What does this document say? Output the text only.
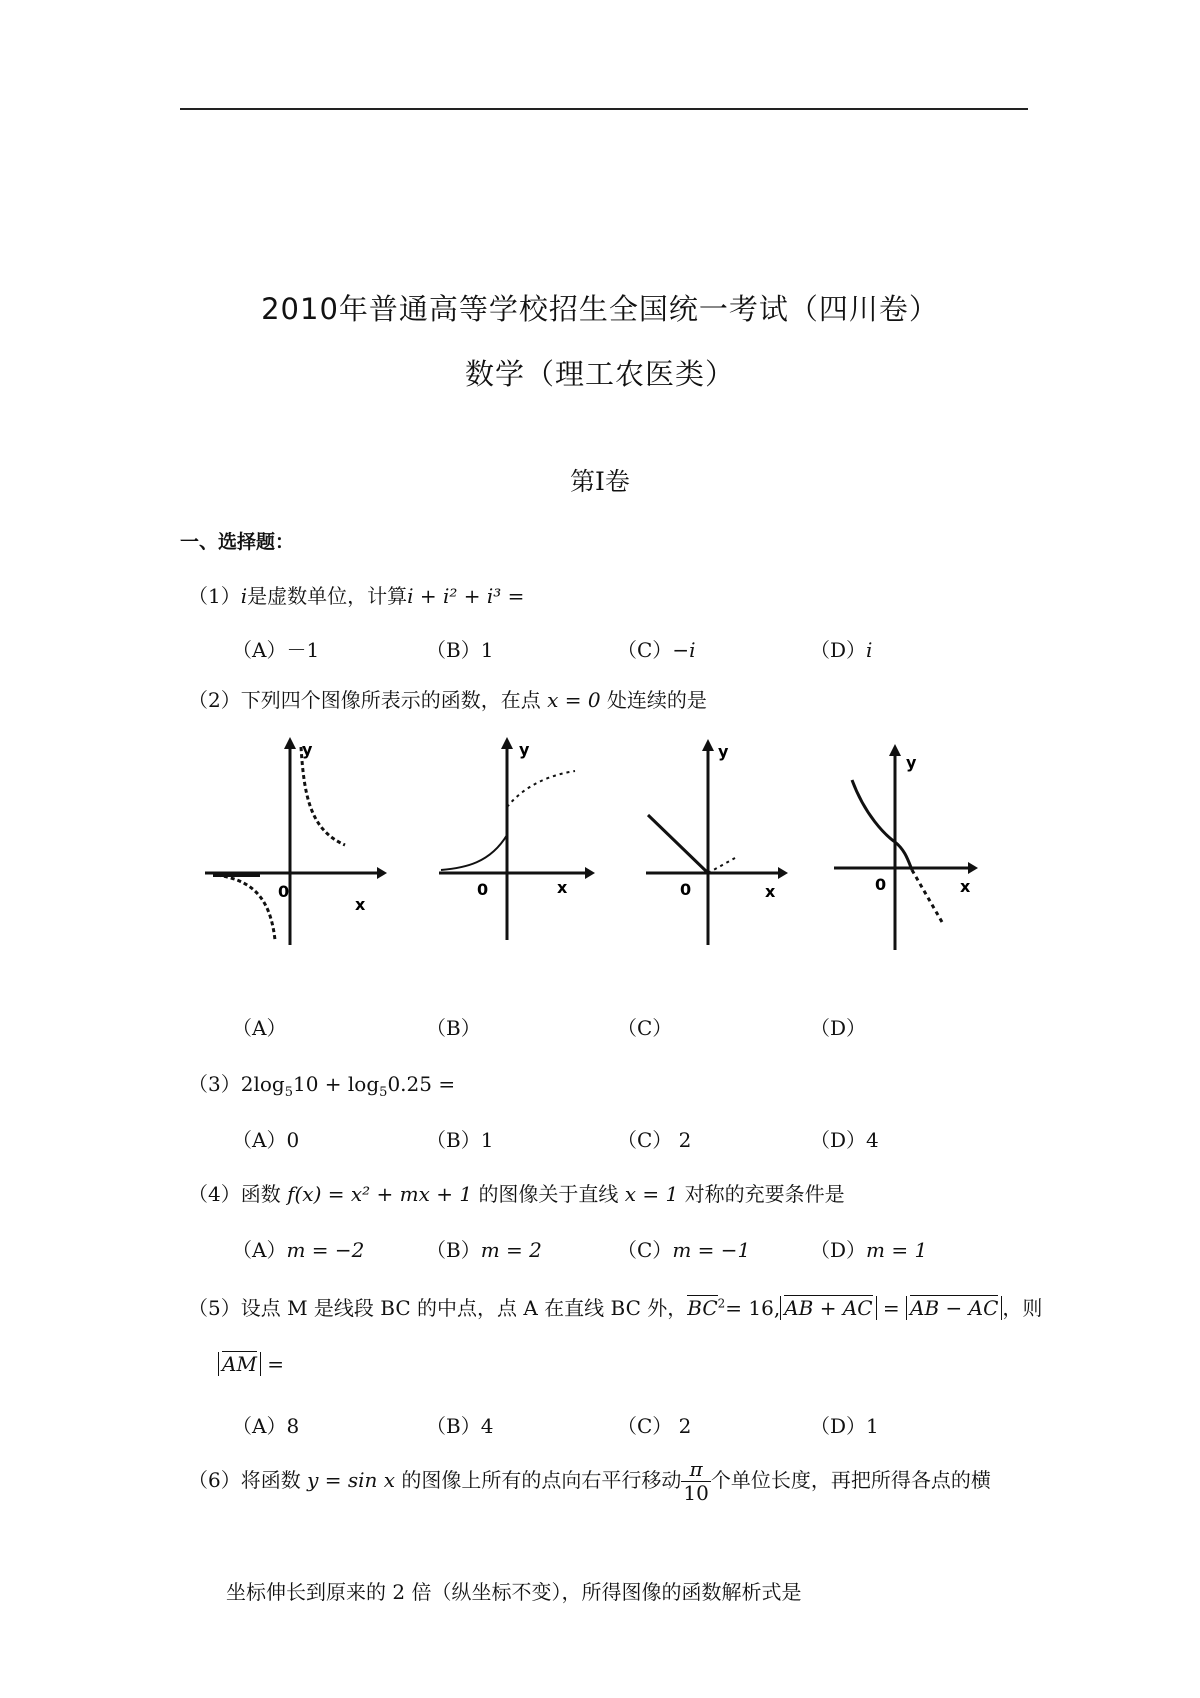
2010年普通高等学校招生全国统一考试（四川卷）
数学（理工农医类）
第Ⅰ卷
一、选择题：
（1）i是虚数单位，计算i + i² + i³ =
（A）－1	（B）1	（C）−i	（D）i
（2）下列四个图像所表示的函数，在点 x = 0 处连续的是
y
0
x
y
0	x
y
0	x
y
0	x
（A）	（B）	（C）	（D）
$(3)2\log_510 + \log_50.25$ =
（A）0	（B）1	（C） 2	（D）4
（4）函数 f(x) = x² + mx + 1 的图像关于直线 x = 1 对称的充要条件是
（A）m = −2	（B）m = 2	（C）m = −1	（D）m = 1
（5）设点 M 是线段 BC 的中点，点 A 在直线 BC 外，$BC^2= 16$, AB + AC = AB − AC ，则
AM =
（A）8	（B）4	（C） 2	（D）1
（6）将函数 y = sin x 的图像上所有的点向右平行移动 $\frac{\pi}{10}$ 个单位长度，再把所得各点的横
坐标伸长到原来的 2 倍（纵坐标不变），所得图像的函数解析式是
